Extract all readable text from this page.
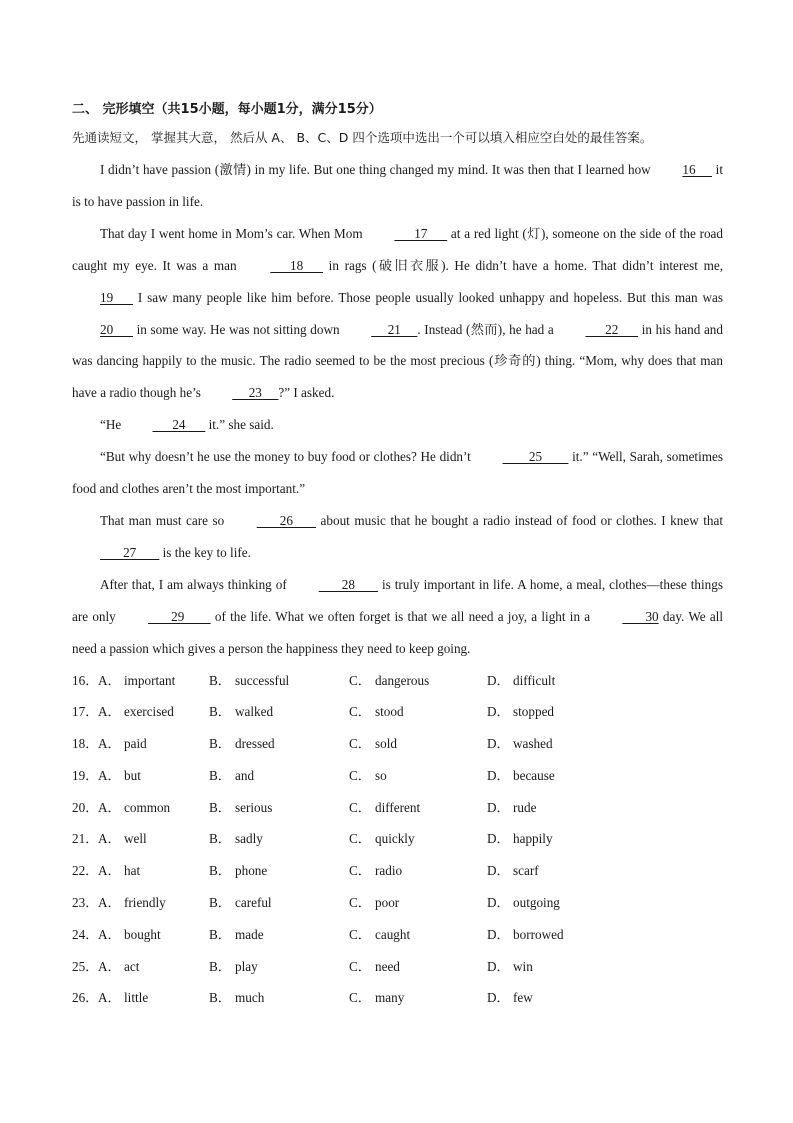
二、 完形填空（共15小题，每小题1分，满分15分）
先通读短文， 掌握其大意， 然后从 A、 B、C、D 四个选项中选出一个可以填入相应空白处的最佳答案。

I didn’t have passion (激情) in my life. But one thing changed my mind. It was then that I learned how 16      it is to have passion in life.

That day I went home in Mom’s car. When Mom       17       at a red light (灯), someone on the side of the road caught my eye. It was a man       18       in rags (破旧衣服). He didn’t have a home. That didn’t interest me, 19       I saw many people like him before. Those people usually looked unhappy and hopeless. But this man was 20       in some way. He was not sitting down      21     . Instead (然而), he had a       22       in his hand and was dancing happily to the music. The radio seemed to be the most precious (珍奇的) thing. “Mom, why does that man have a radio though he’s      23     ?” I asked.

“He       24       it.” she said.

“But why doesn’t he use the money to buy food or clothes? He didn’t         25         it.” “Well, Sarah, sometimes food and clothes aren’t the most important.”

That man must care so        26        about music that he bought a radio instead of food or clothes. I knew that        27        is the key to life.

After that, I am always thinking of        28        is truly important in life. A home, a meal, clothes—these things are only        29         of the life. What we often forget is that we all need a joy, a light in a        30 day. We all need a passion which gives a person the happiness they need to keep going.

16． A． important	B． successful	C． dangerous	D． difficult
17． A． exercised	B． walked	C． stood	D． stopped
18． A． paid	B． dressed	C． sold	D． washed
19． A． but	B． and	C． so	D． because
20． A． common	B． serious	C． different	D． rude
21． A． well	B． sadly	C． quickly	D． happily
22． A． hat	B． phone	C． radio	D． scarf
23． A． friendly	B． careful	C． poor	D． outgoing
24． A． bought	B． made	C． caught	D． borrowed
25． A． act	B． play	C． need	D． win
26． A． little	B． much	C． many	D． few
